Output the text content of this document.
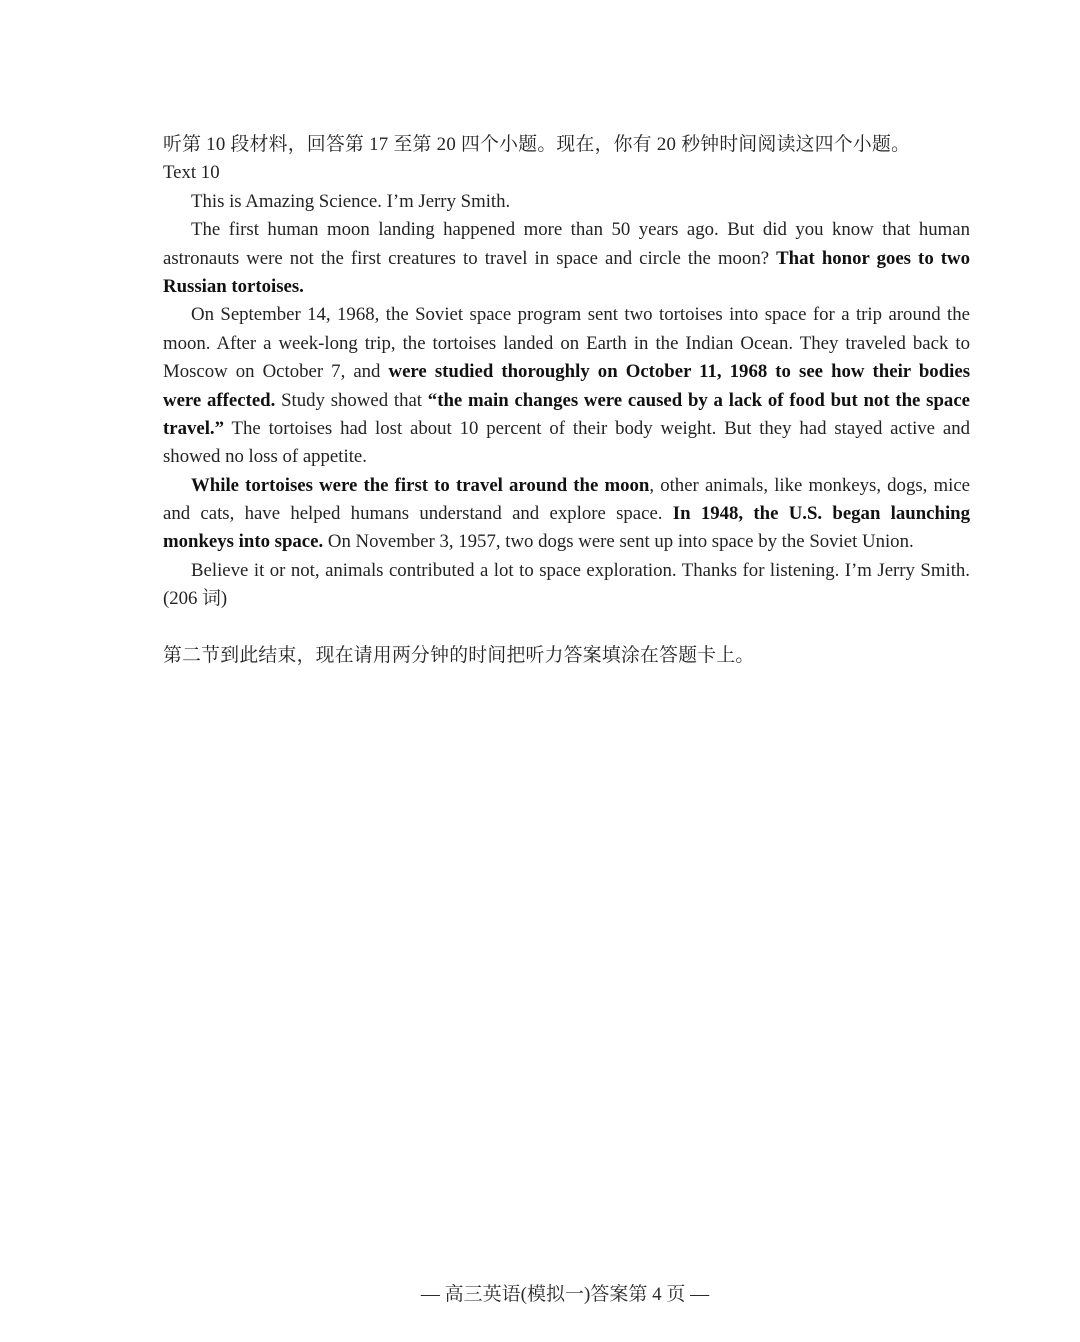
听第 10 段材料，回答第 17 至第 20 四个小题。现在，你有 20 秒钟时间阅读这四个小题。
Text 10
This is Amazing Science. I’m Jerry Smith.
The first human moon landing happened more than 50 years ago. But did you know that human
astronauts were not the first creatures to travel in space and circle the moon? That honor goes to two
Russian tortoises.
On September 14, 1968, the Soviet space program sent two tortoises into space for a trip around the
moon. After a week-long trip, the tortoises landed on Earth in the Indian Ocean. They traveled back to
Moscow on October 7, and were studied thoroughly on October 11, 1968 to see how their bodies
were affected. Study showed that “the main changes were caused by a lack of food but not the space
travel.” The tortoises had lost about 10 percent of their body weight. But they had stayed active and
showed no loss of appetite.
While tortoises were the first to travel around the moon, other animals, like monkeys, dogs, mice
and cats, have helped humans understand and explore space. In 1948, the U.S. began launching
monkeys into space. On November 3, 1957, two dogs were sent up into space by the Soviet Union.
Believe it or not, animals contributed a lot to space exploration. Thanks for listening. I’m Jerry Smith.
(206 词)
第二节到此结束，现在请用两分钟的时间把听力答案填涂在答题卡上。
— 高三英语(模拟一)答案第 4 页 —
